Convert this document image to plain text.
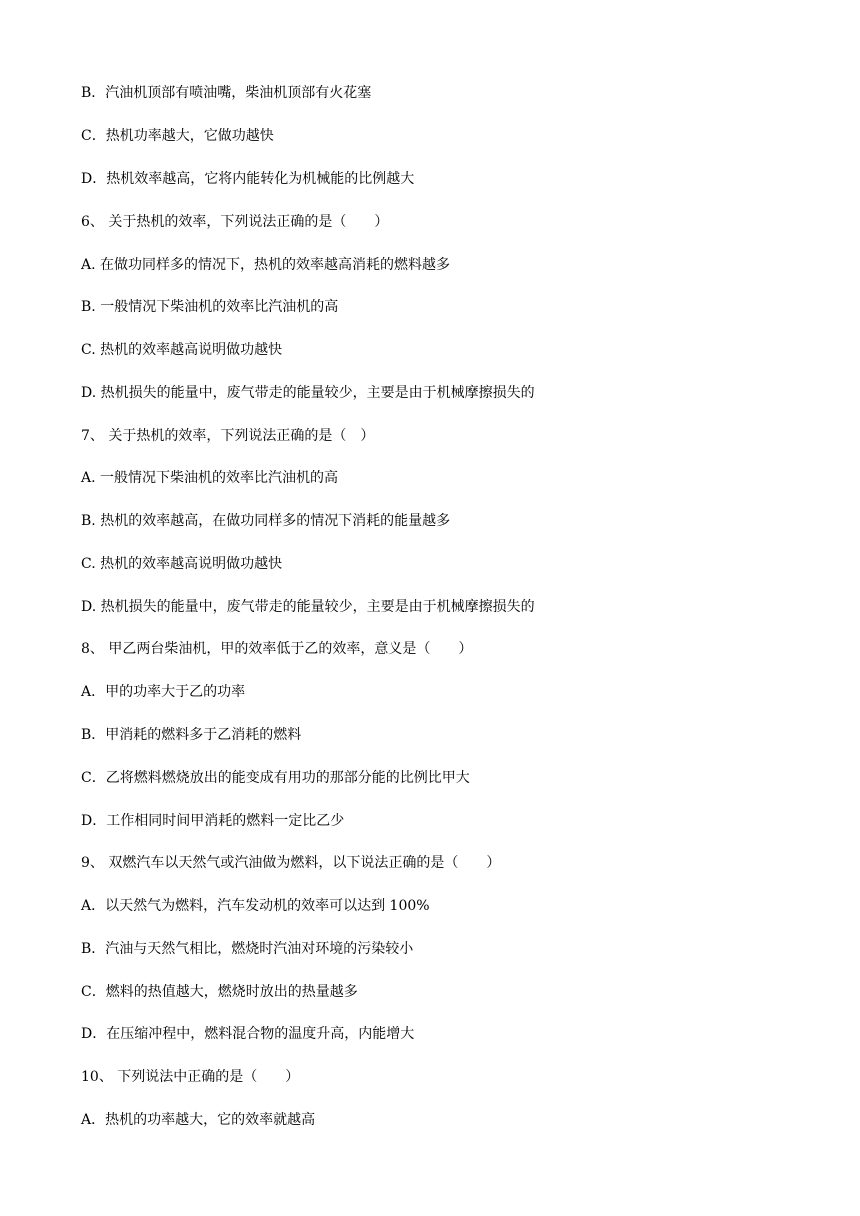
B．汽油机顶部有喷油嘴，柴油机顶部有火花塞
C．热机功率越大，它做功越快
D．热机效率越高，它将内能转化为机械能的比例越大
6、 关于热机的效率，下列说法正确的是（　　）
A. 在做功同样多的情况下，热机的效率越高消耗的燃料越多
B. 一般情况下柴油机的效率比汽油机的高
C. 热机的效率越高说明做功越快
D. 热机损失的能量中，废气带走的能量较少，主要是由于机械摩擦损失的
7、 关于热机的效率，下列说法正确的是（　）
A. 一般情况下柴油机的效率比汽油机的高
B. 热机的效率越高，在做功同样多的情况下消耗的能量越多
C. 热机的效率越高说明做功越快
D. 热机损失的能量中，废气带走的能量较少，主要是由于机械摩擦损失的
8、 甲乙两台柴油机，甲的效率低于乙的效率，意义是（　　）
A．甲的功率大于乙的功率
B．甲消耗的燃料多于乙消耗的燃料
C．乙将燃料燃烧放出的能变成有用功的那部分能的比例比甲大
D．工作相同时间甲消耗的燃料一定比乙少
9、 双燃汽车以天然气或汽油做为燃料，以下说法正确的是（　　）
A．以天然气为燃料，汽车发动机的效率可以达到 100%
B．汽油与天然气相比，燃烧时汽油对环境的污染较小
C．燃料的热值越大，燃烧时放出的热量越多
D．在压缩冲程中，燃料混合物的温度升高，内能增大
10、 下列说法中正确的是（　　）
A．热机的功率越大，它的效率就越高
